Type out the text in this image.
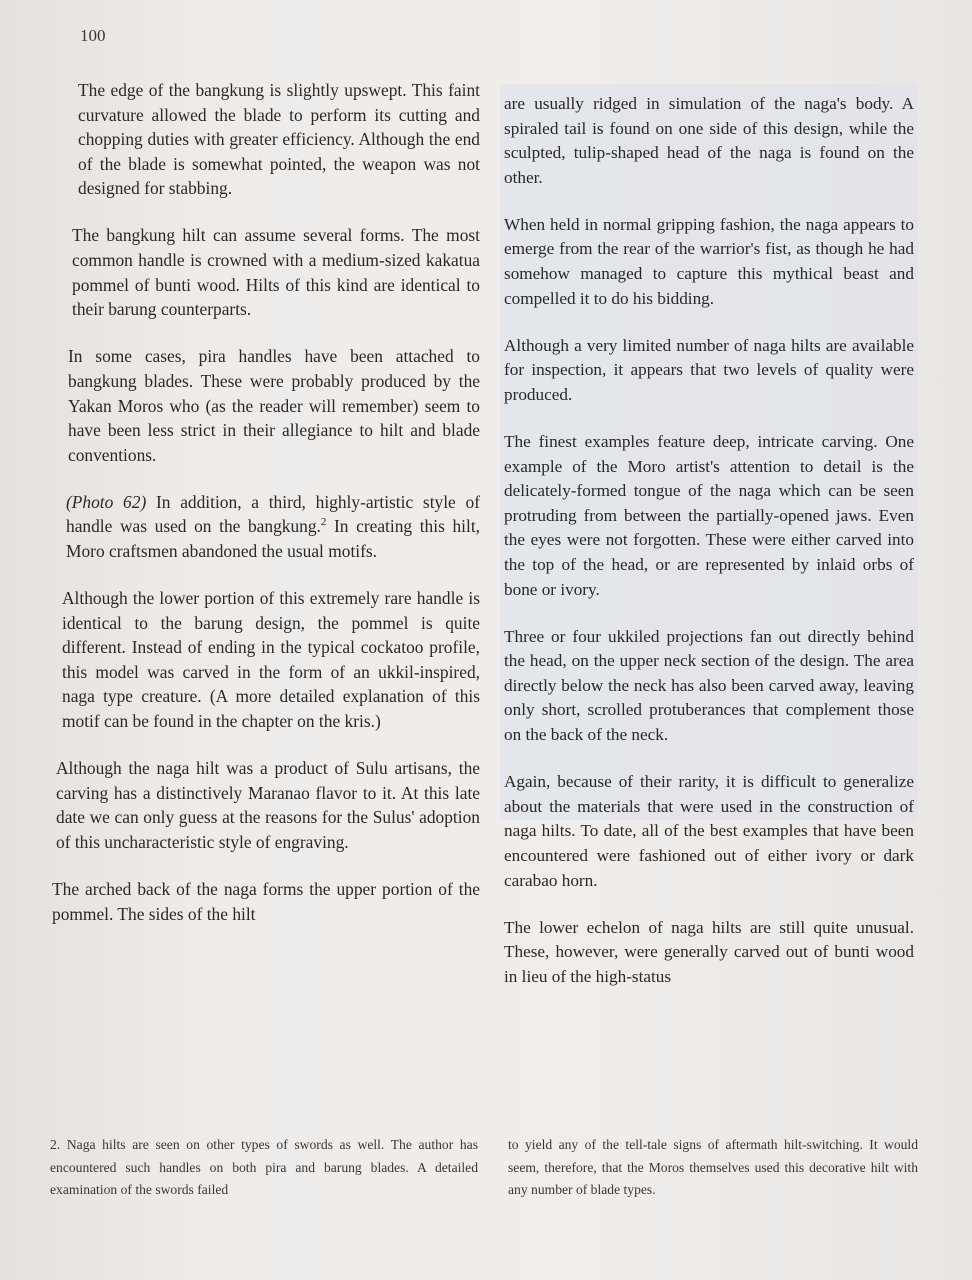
100

The edge of the bangkung is slightly upswept. This faint curvature allowed the blade to perform its cutting and chopping duties with greater efficiency. Although the end of the blade is somewhat pointed, the weapon was not designed for stabbing.

The bangkung hilt can assume several forms. The most common handle is crowned with a medium-sized kakatua pommel of bunti wood. Hilts of this kind are identical to their barung counterparts.

In some cases, pira handles have been attached to bangkung blades. These were probably produced by the Yakan Moros who (as the reader will remember) seem to have been less strict in their allegiance to hilt and blade conventions.

(Photo 62) In addition, a third, highly-artistic style of handle was used on the bangkung.$^2$ In creating this hilt, Moro craftsmen abandoned the usual motifs.

Although the lower portion of this extremely rare handle is identical to the barung design, the pommel is quite different. Instead of ending in the typical cockatoo profile, this model was carved in the form of an ukkil-inspired, naga type creature. (A more detailed explanation of this motif can be found in the chapter on the kris.)

Although the naga hilt was a product of Sulu artisans, the carving has a distinctively Maranao flavor to it. At this late date we can only guess at the reasons for the Sulus' adoption of this uncharacteristic style of engraving.

The arched back of the naga forms the upper portion of the pommel. The sides of the hilt

are usually ridged in simulation of the naga's body. A spiraled tail is found on one side of this design, while the sculpted, tulip-shaped head of the naga is found on the other.

When held in normal gripping fashion, the naga appears to emerge from the rear of the warrior's fist, as though he had somehow managed to capture this mythical beast and compelled it to do his bidding.

Although a very limited number of naga hilts are available for inspection, it appears that two levels of quality were produced.

The finest examples feature deep, intricate carving. One example of the Moro artist's attention to detail is the delicately-formed tongue of the naga which can be seen protruding from between the partially-opened jaws. Even the eyes were not forgotten. These were either carved into the top of the head, or are represented by inlaid orbs of bone or ivory.

Three or four ukkiled projections fan out directly behind the head, on the upper neck section of the design. The area directly below the neck has also been carved away, leaving only short, scrolled protuberances that complement those on the back of the neck.

Again, because of their rarity, it is difficult to generalize about the materials that were used in the construction of naga hilts. To date, all of the best examples that have been encountered were fashioned out of either ivory or dark carabao horn.

The lower echelon of naga hilts are still quite unusual. These, however, were generally carved out of bunti wood in lieu of the high-status

2. Naga hilts are seen on other types of swords as well. The author has encountered such handles on both pira and barung blades. A detailed examination of the swords failed
to yield any of the tell-tale signs of aftermath hilt-switching. It would seem, therefore, that the Moros themselves used this decorative hilt with any number of blade types.
